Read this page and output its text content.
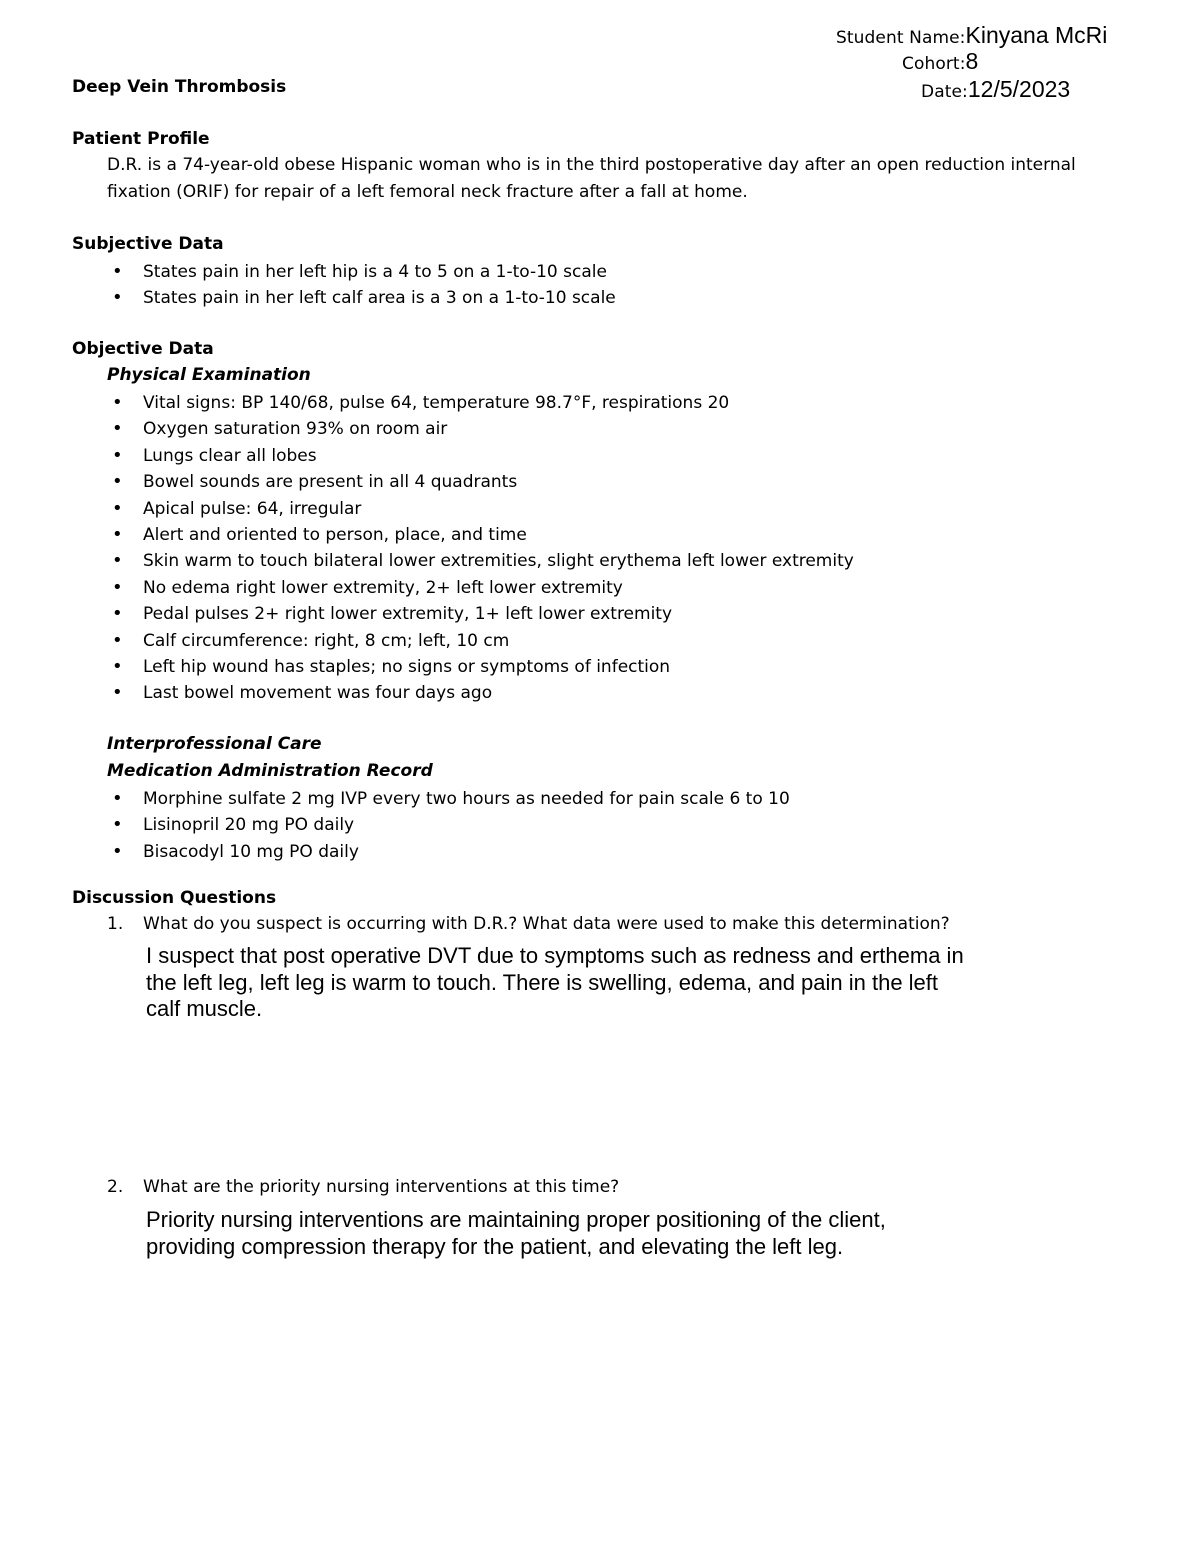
Student Name:Kinyana McRi
Cohort:8
Date:12/5/2023
Deep Vein Thrombosis
Patient Profile
D.R. is a 74-year-old obese Hispanic woman who is in the third postoperative day after an open reduction internal
fixation (ORIF) for repair of a left femoral neck fracture after a fall at home.
Subjective Data
• States pain in her left hip is a 4 to 5 on a 1-to-10 scale
• States pain in her left calf area is a 3 on a 1-to-10 scale
Objective Data
Physical Examination
• Vital signs: BP 140/68, pulse 64, temperature 98.7°F, respirations 20
• Oxygen saturation 93% on room air
• Lungs clear all lobes
• Bowel sounds are present in all 4 quadrants
• Apical pulse: 64, irregular
• Alert and oriented to person, place, and time
• Skin warm to touch bilateral lower extremities, slight erythema left lower extremity
• No edema right lower extremity, 2+ left lower extremity
• Pedal pulses 2+ right lower extremity, 1+ left lower extremity
• Calf circumference: right, 8 cm; left, 10 cm
• Left hip wound has staples; no signs or symptoms of infection
• Last bowel movement was four days ago
Interprofessional Care
Medication Administration Record
• Morphine sulfate 2 mg IVP every two hours as needed for pain scale 6 to 10
• Lisinopril 20 mg PO daily
• Bisacodyl 10 mg PO daily
Discussion Questions
1. What do you suspect is occurring with D.R.? What data were used to make this determination?
I suspect that post operative DVT due to symptoms such as redness and erthema in the left leg, left leg is warm to touch. There is swelling, edema, and pain in the left calf muscle.
2. What are the priority nursing interventions at this time?
Priority nursing interventions are maintaining proper positioning of the client, providing compression therapy for the patient, and elevating the left leg.
